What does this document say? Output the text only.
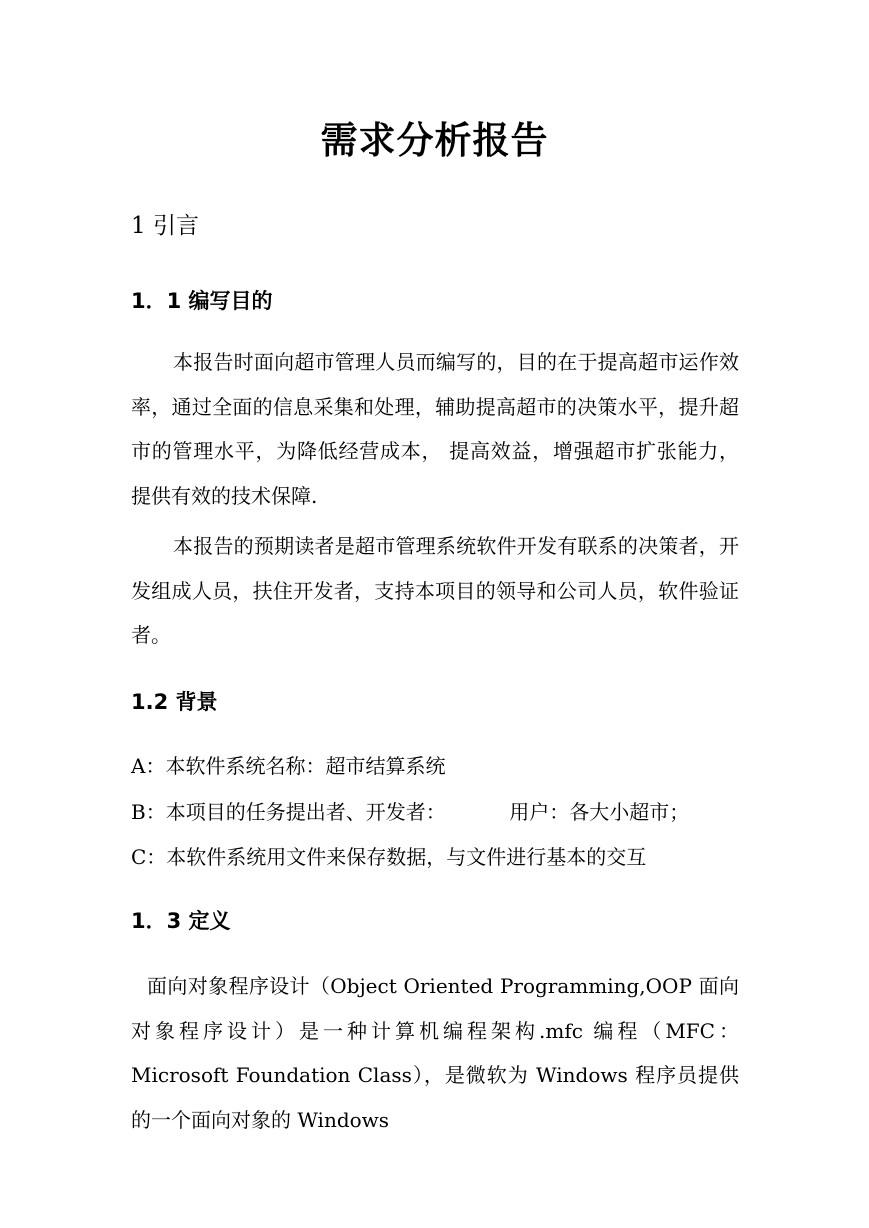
需求分析报告
1 引言
1．1 编写目的
本报告时面向超市管理人员而编写的，目的在于提高超市运作效率，通过全面的信息采集和处理，辅助提高超市的决策水平，提升超市的管理水平，为降低经营成本， 提高效益，增强超市扩张能力， 提供有效的技术保障.
本报告的预期读者是超市管理系统软件开发有联系的决策者，开发组成人员，扶住开发者，支持本项目的领导和公司人员，软件验证者。
1.2 背景
A：本软件系统名称：超市结算系统
B：本项目的任务提出者、开发者：          用户：各大小超市；
C：本软件系统用文件来保存数据，与文件进行基本的交互
1．3 定义
面向对象程序设计（Object Oriented Programming,OOP 面向对象程序设计）是一种计算机编程架构.mfc 编程（MFC：Microsoft Foundation Class），是微软为 Windows 程序员提供的一个面向对象的 Windows
